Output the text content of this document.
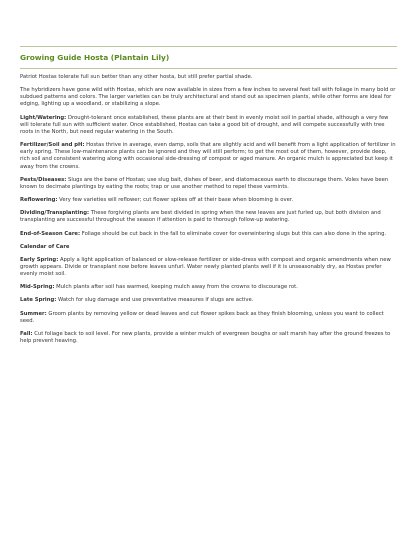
Growing Guide Hosta (Plantain Lily)

Patriot Hostas tolerate full sun better than any other hosta, but still prefer partial shade.

The hybridizers have gone wild with Hostas, which are now available in sizes from a few inches to several feet tall with foliage in many bold or subdued patterns and colors. The larger varieties can be truly architectural and stand out as specimen plants, while other forms are ideal for edging, lighting up a woodland, or stabilizing a slope.

Light/Watering: Drought-tolerant once established, these plants are at their best in evenly moist soil in partial shade, although a very few will tolerate full sun with sufficient water. Once established, Hostas can take a good bit of drought, and will compete successfully with tree roots in the North, but need regular watering in the South.

Fertilizer/Soil and pH: Hostas thrive in average, even damp, soils that are slightly acid and will benefit from a light application of fertilizer in early spring. These low-maintenance plants can be ignored and they will still perform; to get the most out of them, however, provide deep, rich soil and consistent watering along with occasional side-dressing of compost or aged manure. An organic mulch is appreciated but keep it away from the crowns.

Pests/Diseases: Slugs are the bane of Hostas; use slug bait, dishes of beer, and diatomaceous earth to discourage them. Voles have been known to decimate plantings by eating the roots; trap or use another method to repel these varmints.

Reflowering: Very few varieties will reflower; cut flower spikes off at their base when blooming is over.

Dividing/Transplanting: These forgiving plants are best divided in spring when the new leaves are just furled up, but both division and transplanting are successful throughout the season if attention is paid to thorough follow-up watering.

End-of-Season Care: Foliage should be cut back in the fall to eliminate cover for overwintering slugs but this can also done in the spring.

Calendar of Care

Early Spring: Apply a light application of balanced or slow-release fertilizer or side-dress with compost and organic amendments when new growth appears. Divide or transplant now before leaves unfurl. Water newly planted plants well if it is unseasonably dry, as Hostas prefer evenly moist soil.

Mid-Spring: Mulch plants after soil has warmed, keeping mulch away from the crowns to discourage rot.

Late Spring: Watch for slug damage and use preventative measures if slugs are active.

Summer: Groom plants by removing yellow or dead leaves and cut flower spikes back as they finish blooming, unless you want to collect seed.

Fall: Cut foliage back to soil level. For new plants, provide a winter mulch of evergreen boughs or salt marsh hay after the ground freezes to help prevent heaving.
